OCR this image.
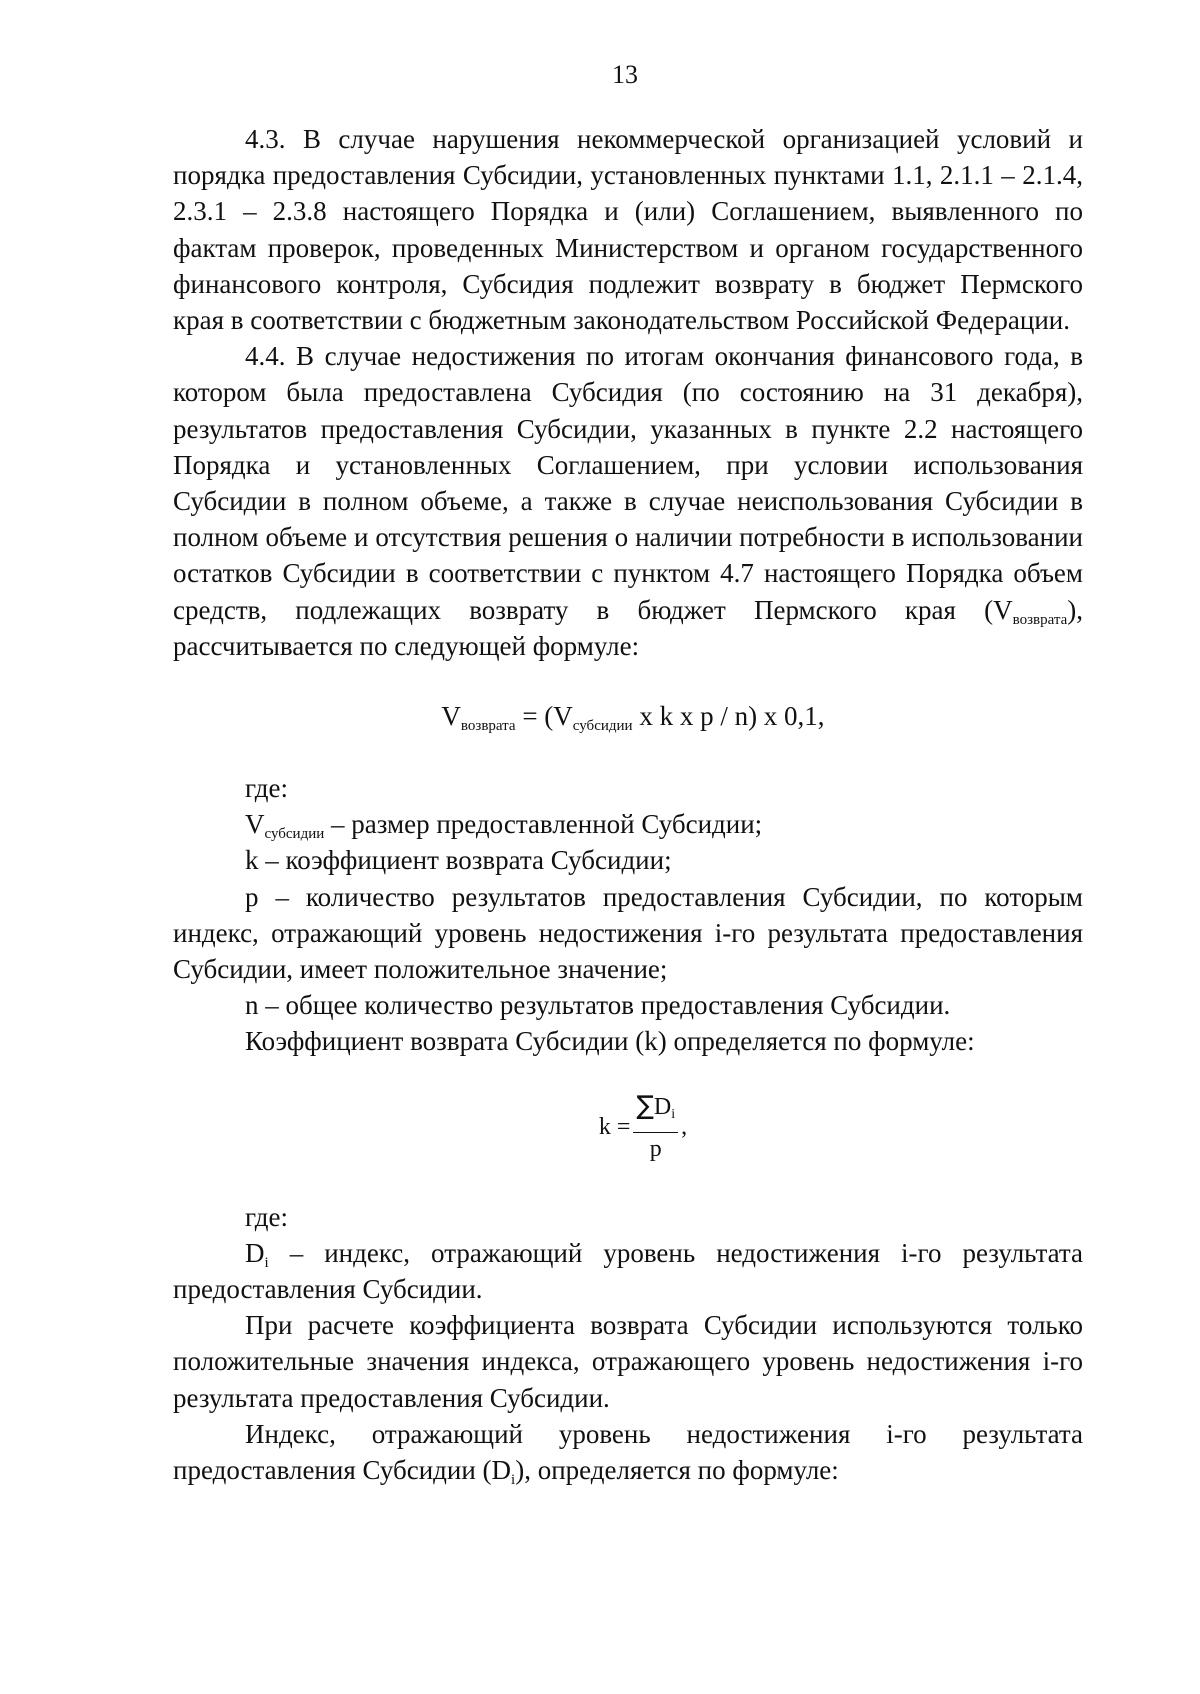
13

4.3. В случае нарушения некоммерческой организацией условий и порядка предоставления Субсидии, установленных пунктами 1.1, 2.1.1 – 2.1.4, 2.3.1 – 2.3.8 настоящего Порядка и (или) Соглашением, выявленного по фактам проверок, проведенных Министерством и органом государственного финансового контроля, Субсидия подлежит возврату в бюджет Пермского края в соответствии с бюджетным законодательством Российской Федерации.

4.4. В случае недостижения по итогам окончания финансового года, в котором была предоставлена Субсидия (по состоянию на 31 декабря), результатов предоставления Субсидии, указанных в пункте 2.2 настоящего Порядка и установленных Соглашением, при условии использования Субсидии в полном объеме, а также в случае неиспользования Субсидии в полном объеме и отсутствия решения о наличии потребности в использовании остатков Субсидии в соответствии с пунктом 4.7 настоящего Порядка объем средств, подлежащих возврату в бюджет Пермского края $(V_{возврата})$, рассчитывается по следующей формуле:

$V_{возврата} = (V_{субсидии}$ x k x p / n) x 0,1,

где:

$V_{субсидии}$ – размер предоставленной Субсидии;

k – коэффициент возврата Субсидии;

p – количество результатов предоставления Субсидии, по которым индекс, отражающий уровень недостижения i-го результата предоставления Субсидии, имеет положительное значение;

n – общее количество результатов предоставления Субсидии.

Коэффициент возврата Субсидии (k) определяется по формуле:

$k = \frac{\sum Di}{p}$ ,

где:

$D_i$ – индекс, отражающий уровень недостижения i-го результата предоставления Субсидии.

При расчете коэффициента возврата Субсидии используются только положительные значения индекса, отражающего уровень недостижения i-го результата предоставления Субсидии.

Индекс, отражающий уровень недостижения i-го результата предоставления Субсидии $(D_i)$, определяется по формуле:
